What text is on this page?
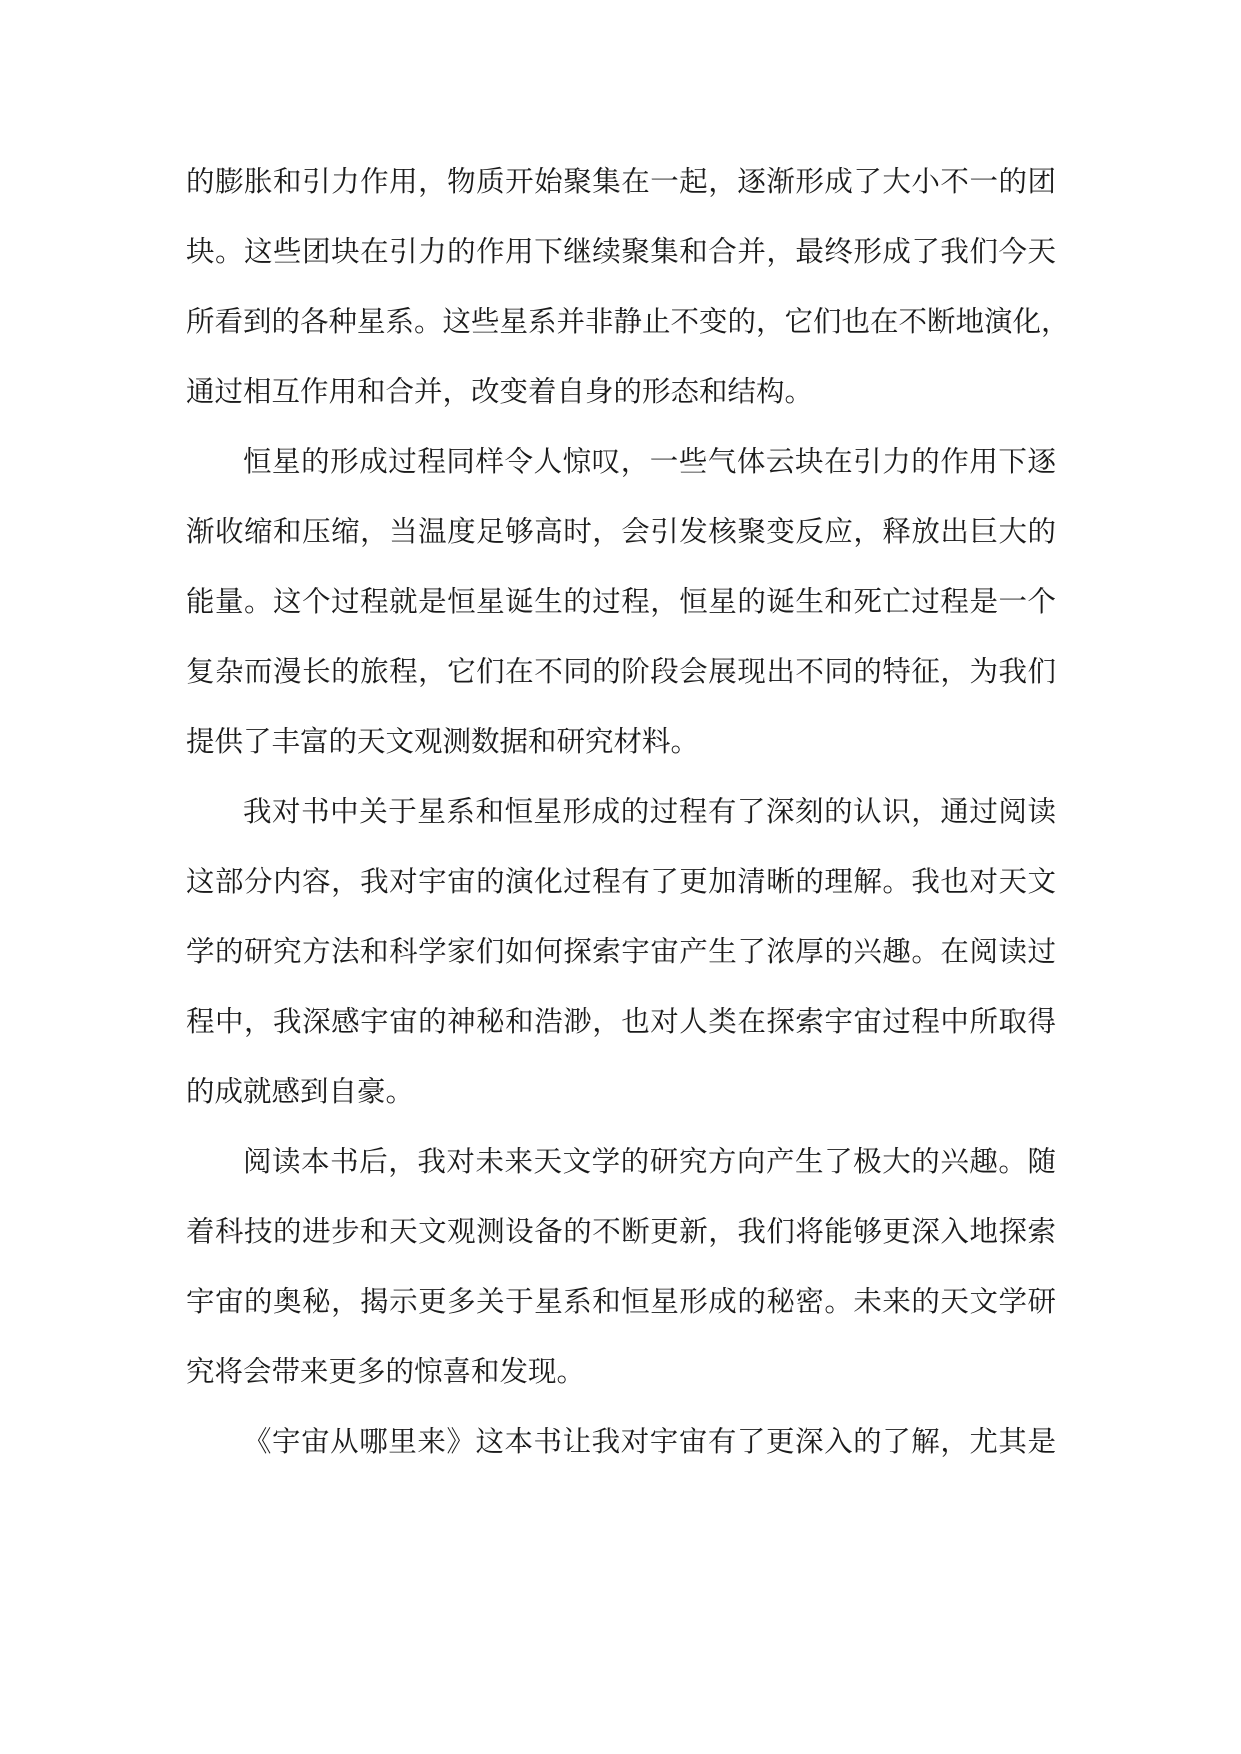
的膨胀和引力作用，物质开始聚集在一起，逐渐形成了大小不一的团
块。这些团块在引力的作用下继续聚集和合并，最终形成了我们今天
所看到的各种星系。这些星系并非静止不变的，它们也在不断地演化，
通过相互作用和合并，改变着自身的形态和结构。
恒星的形成过程同样令人惊叹，一些气体云块在引力的作用下逐
渐收缩和压缩，当温度足够高时，会引发核聚变反应，释放出巨大的
能量。这个过程就是恒星诞生的过程，恒星的诞生和死亡过程是一个
复杂而漫长的旅程，它们在不同的阶段会展现出不同的特征，为我们
提供了丰富的天文观测数据和研究材料。
我对书中关于星系和恒星形成的过程有了深刻的认识，通过阅读
这部分内容，我对宇宙的演化过程有了更加清晰的理解。我也对天文
学的研究方法和科学家们如何探索宇宙产生了浓厚的兴趣。在阅读过
程中，我深感宇宙的神秘和浩渺，也对人类在探索宇宙过程中所取得
的成就感到自豪。
阅读本书后，我对未来天文学的研究方向产生了极大的兴趣。随
着科技的进步和天文观测设备的不断更新，我们将能够更深入地探索
宇宙的奥秘，揭示更多关于星系和恒星形成的秘密。未来的天文学研
究将会带来更多的惊喜和发现。
《宇宙从哪里来》这本书让我对宇宙有了更深入的了解，尤其是
